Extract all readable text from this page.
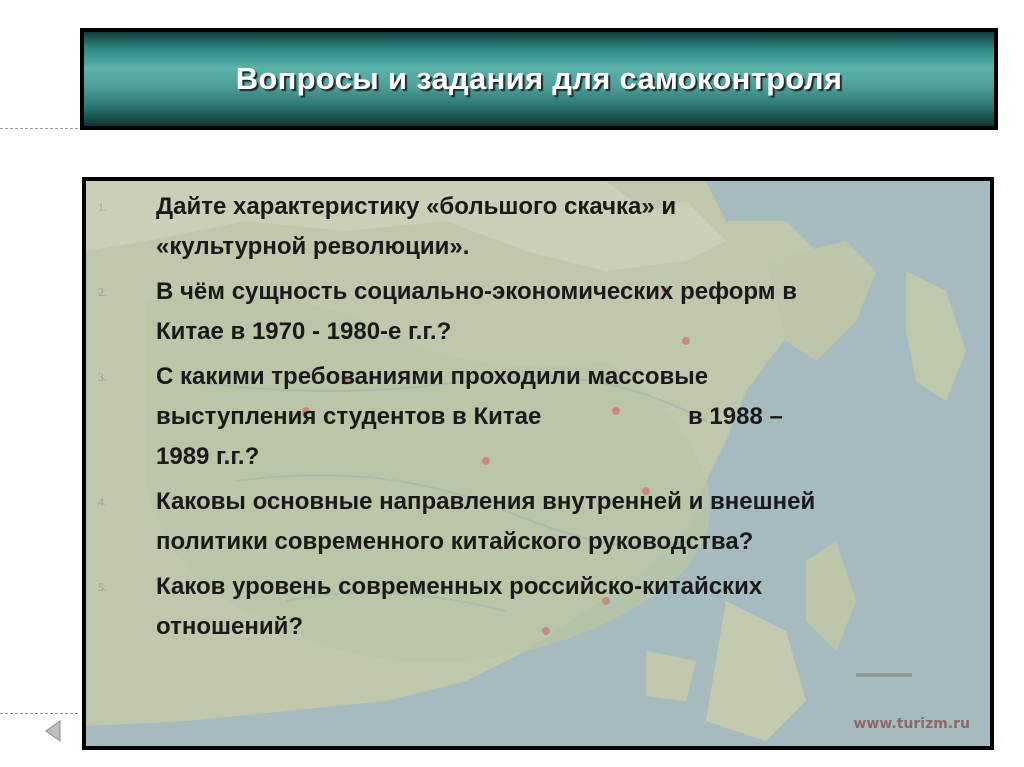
Вопросы и задания для самоконтроля
www.turizm.ru
1. Дайте характеристику «большого скачка» и
«культурной революции».
2. В чём сущность социально-экономических реформ в
Китае в 1970 - 1980-е г.г.?
3. С какими требованиями проходили массовые
выступления студентов в Китае                      в 1988 –
1989 г.г.?
4. Каковы основные направления внутренней и внешней
политики современного китайского руководства?
5. Каков уровень современных российско-китайских
отношений?
